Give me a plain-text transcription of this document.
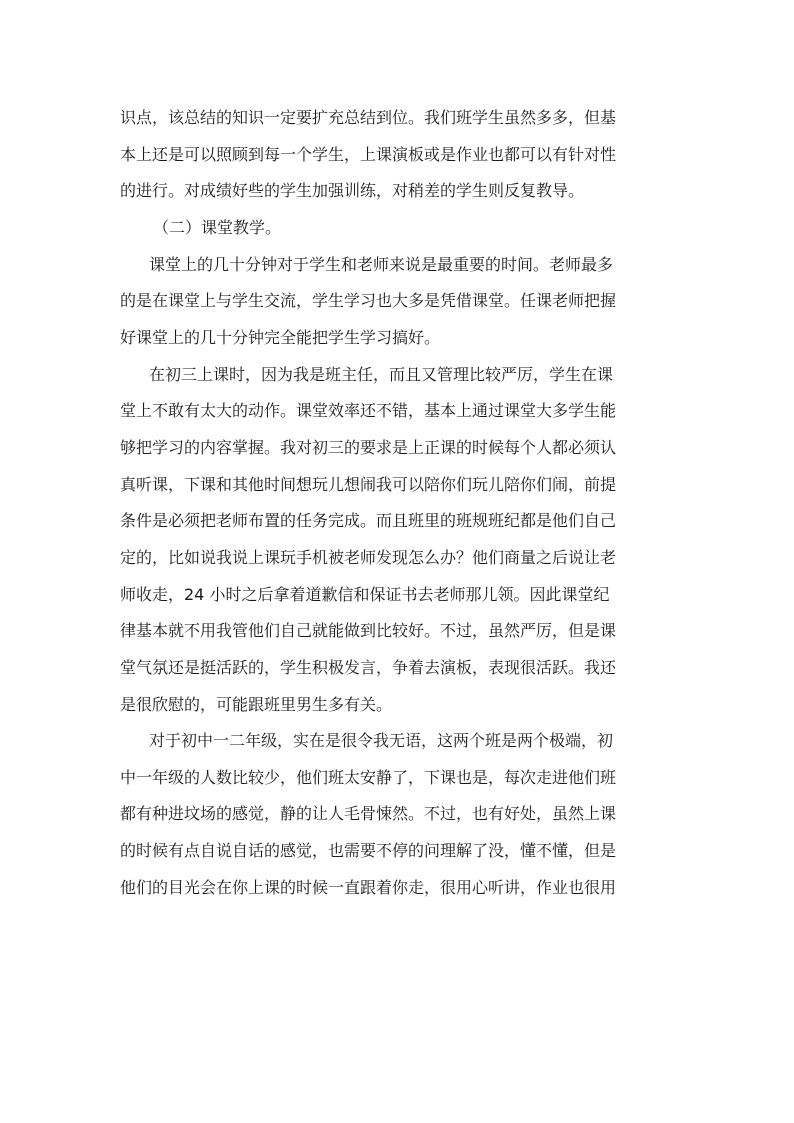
识点，该总结的知识一定要扩充总结到位。我们班学生虽然多多，但基
本上还是可以照顾到每一个学生，上课演板或是作业也都可以有针对性
的进行。对成绩好些的学生加强训练，对稍差的学生则反复教导。
（二）课堂教学。
课堂上的几十分钟对于学生和老师来说是最重要的时间。老师最多
的是在课堂上与学生交流，学生学习也大多是凭借课堂。任课老师把握
好课堂上的几十分钟完全能把学生学习搞好。
在初三上课时，因为我是班主任，而且又管理比较严厉，学生在课
堂上不敢有太大的动作。课堂效率还不错，基本上通过课堂大多学生能
够把学习的内容掌握。我对初三的要求是上正课的时候每个人都必须认
真听课，下课和其他时间想玩儿想闹我可以陪你们玩儿陪你们闹，前提
条件是必须把老师布置的任务完成。而且班里的班规班纪都是他们自己
定的，比如说我说上课玩手机被老师发现怎么办？他们商量之后说让老
师收走，24 小时之后拿着道歉信和保证书去老师那儿领。因此课堂纪
律基本就不用我管他们自己就能做到比较好。不过，虽然严厉，但是课
堂气氛还是挺活跃的，学生积极发言，争着去演板，表现很活跃。我还
是很欣慰的，可能跟班里男生多有关。
对于初中一二年级，实在是很令我无语，这两个班是两个极端，初
中一年级的人数比较少，他们班太安静了，下课也是，每次走进他们班
都有种进坟场的感觉，静的让人毛骨悚然。不过，也有好处，虽然上课
的时候有点自说自话的感觉，也需要不停的问理解了没，懂不懂，但是
他们的目光会在你上课的时候一直跟着你走，很用心听讲，作业也很用
